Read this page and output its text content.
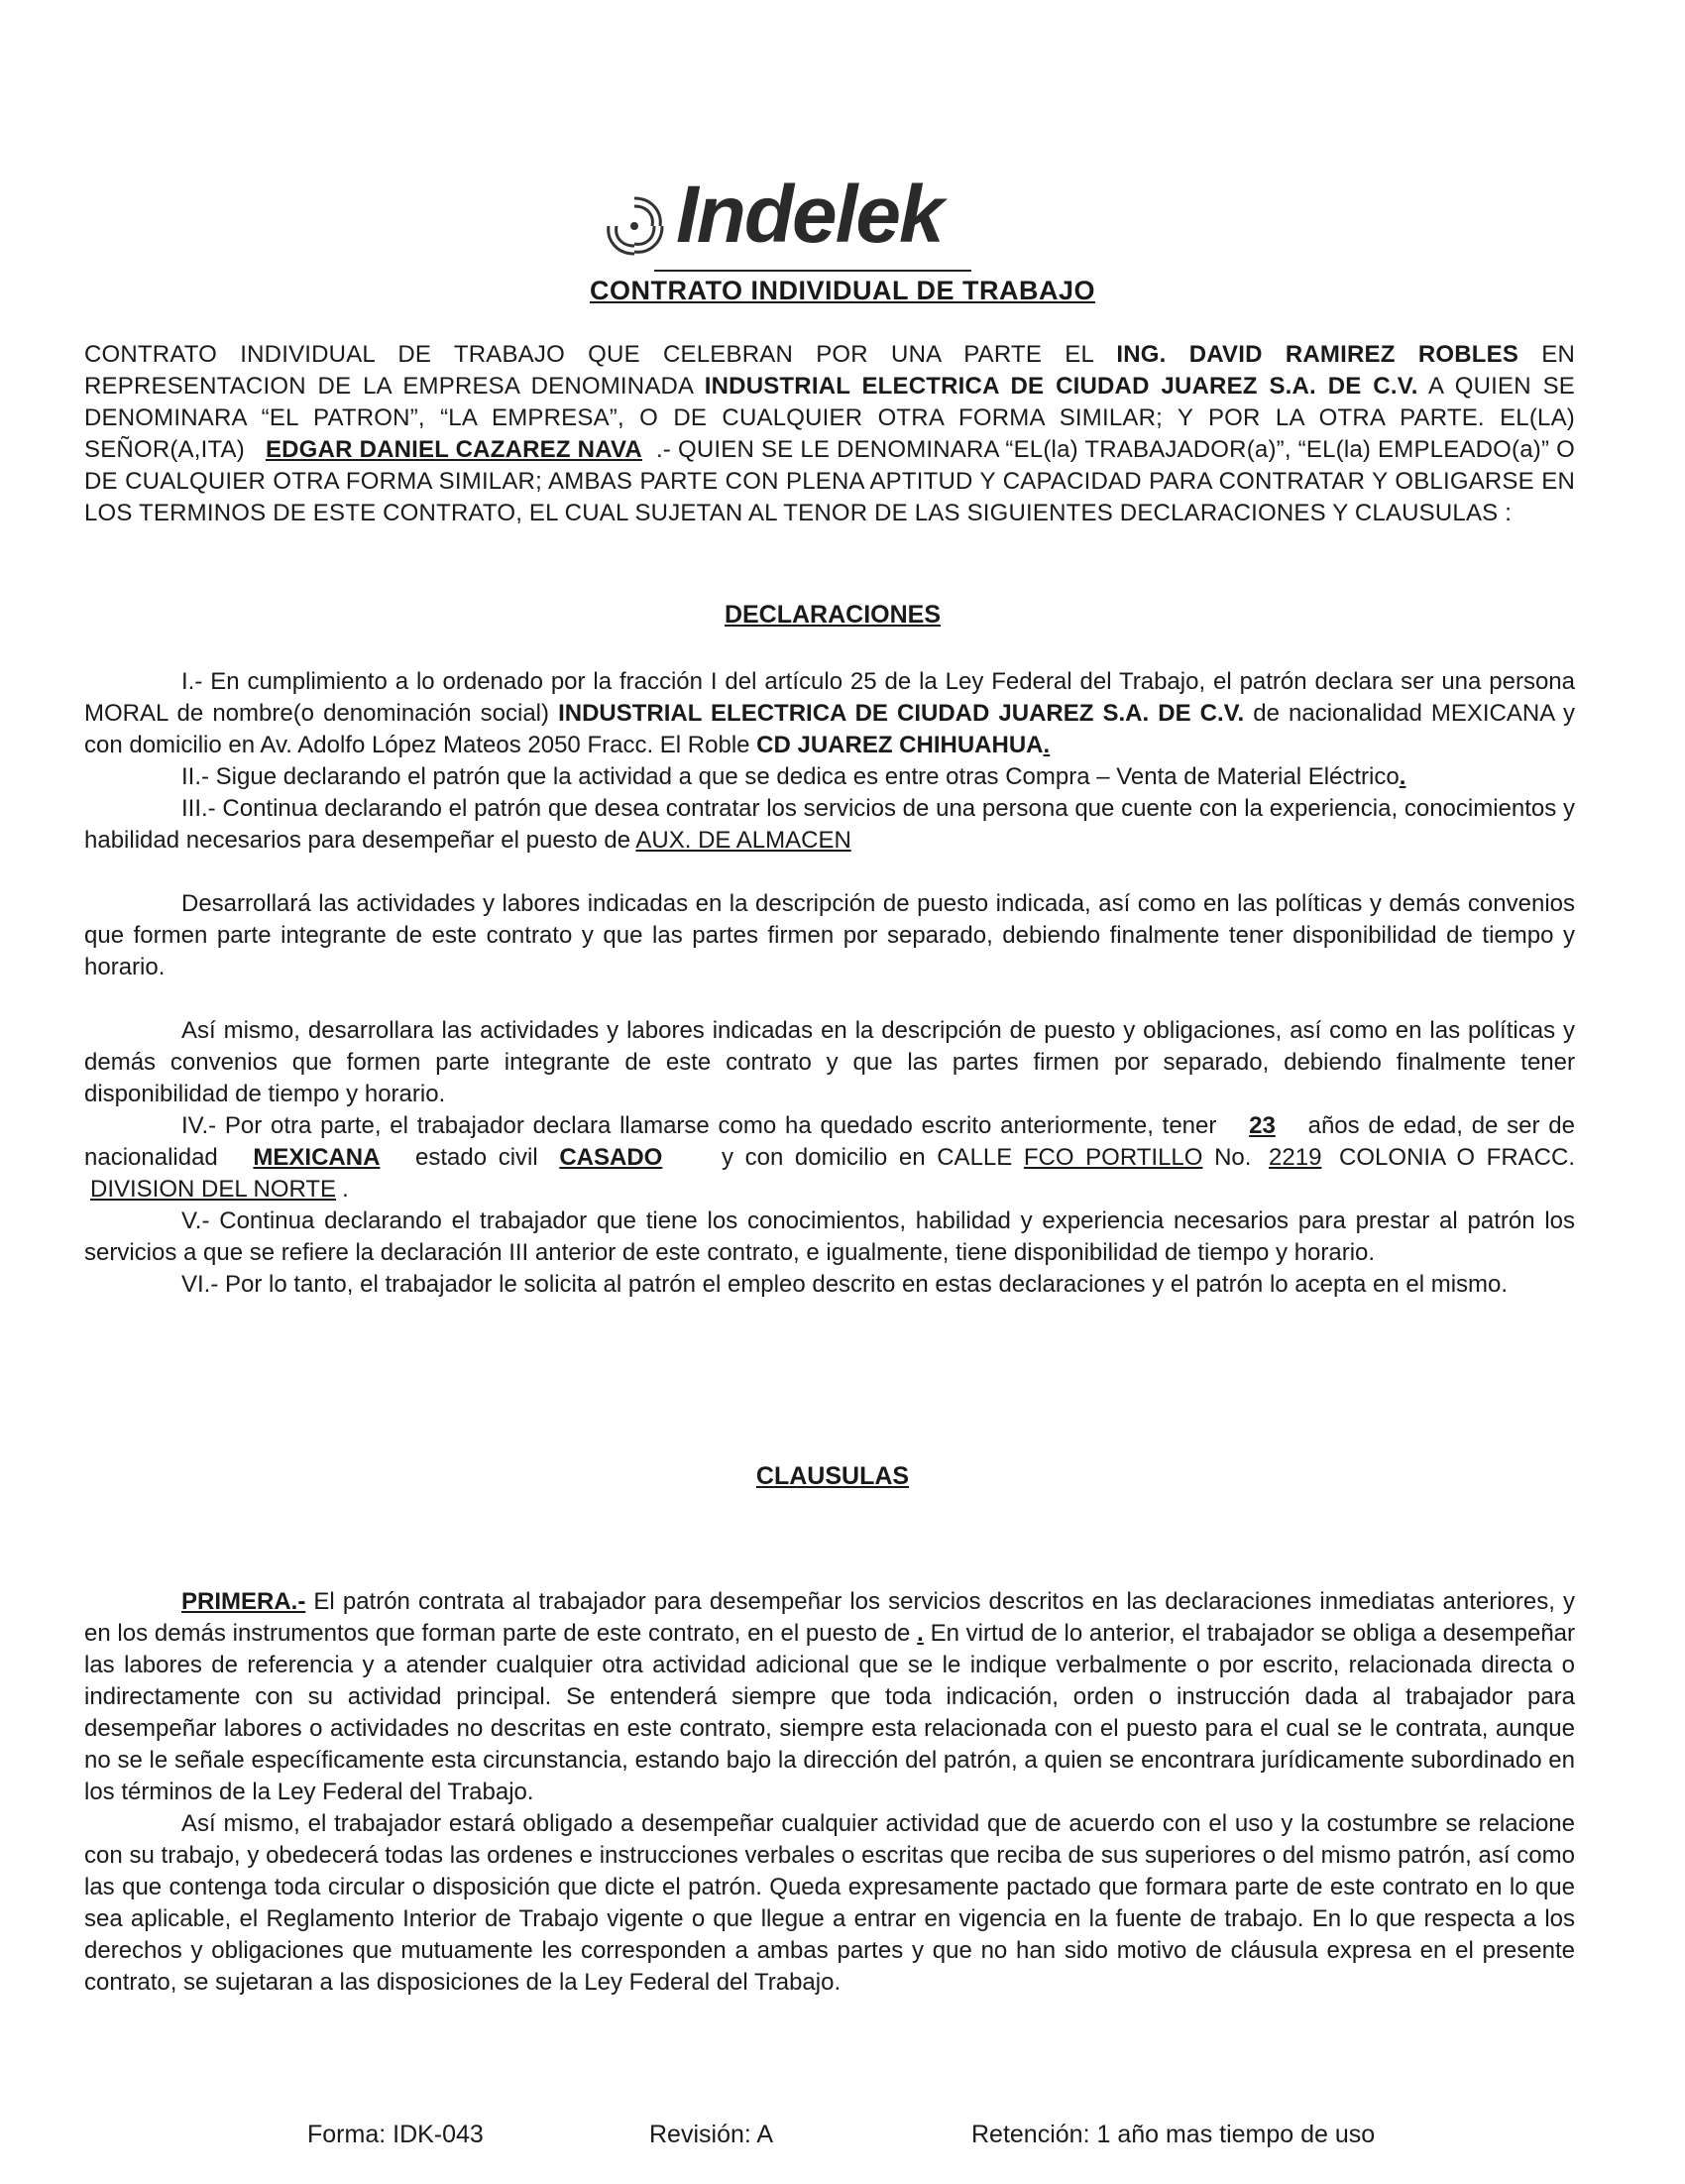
Indelek
CONTRATO INDIVIDUAL DE TRABAJO

CONTRATO INDIVIDUAL DE TRABAJO QUE CELEBRAN POR UNA PARTE EL ING. DAVID RAMIREZ ROBLES EN REPRESENTACION DE LA EMPRESA DENOMINADA INDUSTRIAL ELECTRICA DE CIUDAD JUAREZ S.A. DE C.V. A QUIEN SE DENOMINARA “EL PATRON”, “LA EMPRESA”, O DE CUALQUIER OTRA FORMA SIMILAR; Y POR LA OTRA PARTE. EL(LA) SEÑOR(A,ITA) EDGAR DANIEL CAZAREZ NAVA .- QUIEN SE LE DENOMINARA “EL(la) TRABAJADOR(a)”, “EL(la) EMPLEADO(a)” O DE CUALQUIER OTRA FORMA SIMILAR; AMBAS PARTE CON PLENA APTITUD Y CAPACIDAD PARA CONTRATAR Y OBLIGARSE EN LOS TERMINOS DE ESTE CONTRATO, EL CUAL SUJETAN AL TENOR DE LAS SIGUIENTES DECLARACIONES Y CLAUSULAS :

DECLARACIONES

I.- En cumplimiento a lo ordenado por la fracción I del artículo 25 de la Ley Federal del Trabajo, el patrón declara ser una persona MORAL de nombre(o denominación social) INDUSTRIAL ELECTRICA DE CIUDAD JUAREZ S.A. DE C.V. de nacionalidad MEXICANA y con domicilio en Av. Adolfo López Mateos 2050 Fracc. El Roble CD JUAREZ CHIHUAHUA.

II.- Sigue declarando el patrón que la actividad a que se dedica es entre otras Compra – Venta de Material Eléctrico.

III.- Continua declarando el patrón que desea contratar los servicios de una persona que cuente con la experiencia, conocimientos y habilidad necesarios para desempeñar el puesto de AUX. DE ALMACEN

Desarrollará las actividades y labores indicadas en la descripción de puesto indicada, así como en las políticas y demás convenios que formen parte integrante de este contrato y que las partes firmen por separado, debiendo finalmente tener disponibilidad de tiempo y horario.

Así mismo, desarrollara las actividades y labores indicadas en la descripción de puesto y obligaciones, así como en las políticas y demás convenios que formen parte integrante de este contrato y que las partes firmen por separado, debiendo finalmente tener disponibilidad de tiempo y horario.

IV.- Por otra parte, el trabajador declara llamarse como ha quedado escrito anteriormente, tener 23 años de edad, de ser de nacionalidad MEXICANA estado civil CASADO y con domicilio en CALLE FCO PORTILLO No. 2219 COLONIA O FRACC. DIVISION DEL NORTE .

V.- Continua declarando el trabajador que tiene los conocimientos, habilidad y experiencia necesarios para prestar al patrón los servicios a que se refiere la declaración III anterior de este contrato, e igualmente, tiene disponibilidad de tiempo y horario.

VI.- Por lo tanto, el trabajador le solicita al patrón el empleo descrito en estas declaraciones y el patrón lo acepta en el mismo.

CLAUSULAS

PRIMERA.- El patrón contrata al trabajador para desempeñar los servicios descritos en las declaraciones inmediatas anteriores, y en los demás instrumentos que forman parte de este contrato, en el puesto de . En virtud de lo anterior, el trabajador se obliga a desempeñar las labores de referencia y a atender cualquier otra actividad adicional que se le indique verbalmente o por escrito, relacionada directa o indirectamente con su actividad principal. Se entenderá siempre que toda indicación, orden o instrucción dada al trabajador para desempeñar labores o actividades no descritas en este contrato, siempre esta relacionada con el puesto para el cual se le contrata, aunque no se le señale específicamente esta circunstancia, estando bajo la dirección del patrón, a quien se encontrara jurídicamente subordinado en los términos de la Ley Federal del Trabajo.

Así mismo, el trabajador estará obligado a desempeñar cualquier actividad que de acuerdo con el uso y la costumbre se relacione con su trabajo, y obedecerá todas las ordenes e instrucciones verbales o escritas que reciba de sus superiores o del mismo patrón, así como las que contenga toda circular o disposición que dicte el patrón. Queda expresamente pactado que formara parte de este contrato en lo que sea aplicable, el Reglamento Interior de Trabajo vigente o que llegue a entrar en vigencia en la fuente de trabajo. En lo que respecta a los derechos y obligaciones que mutuamente les corresponden a ambas partes y que no han sido motivo de cláusula expresa en el presente contrato, se sujetaran a las disposiciones de la Ley Federal del Trabajo.

Forma: IDK-043	Revisión: A	Retención: 1 año mas tiempo de uso
